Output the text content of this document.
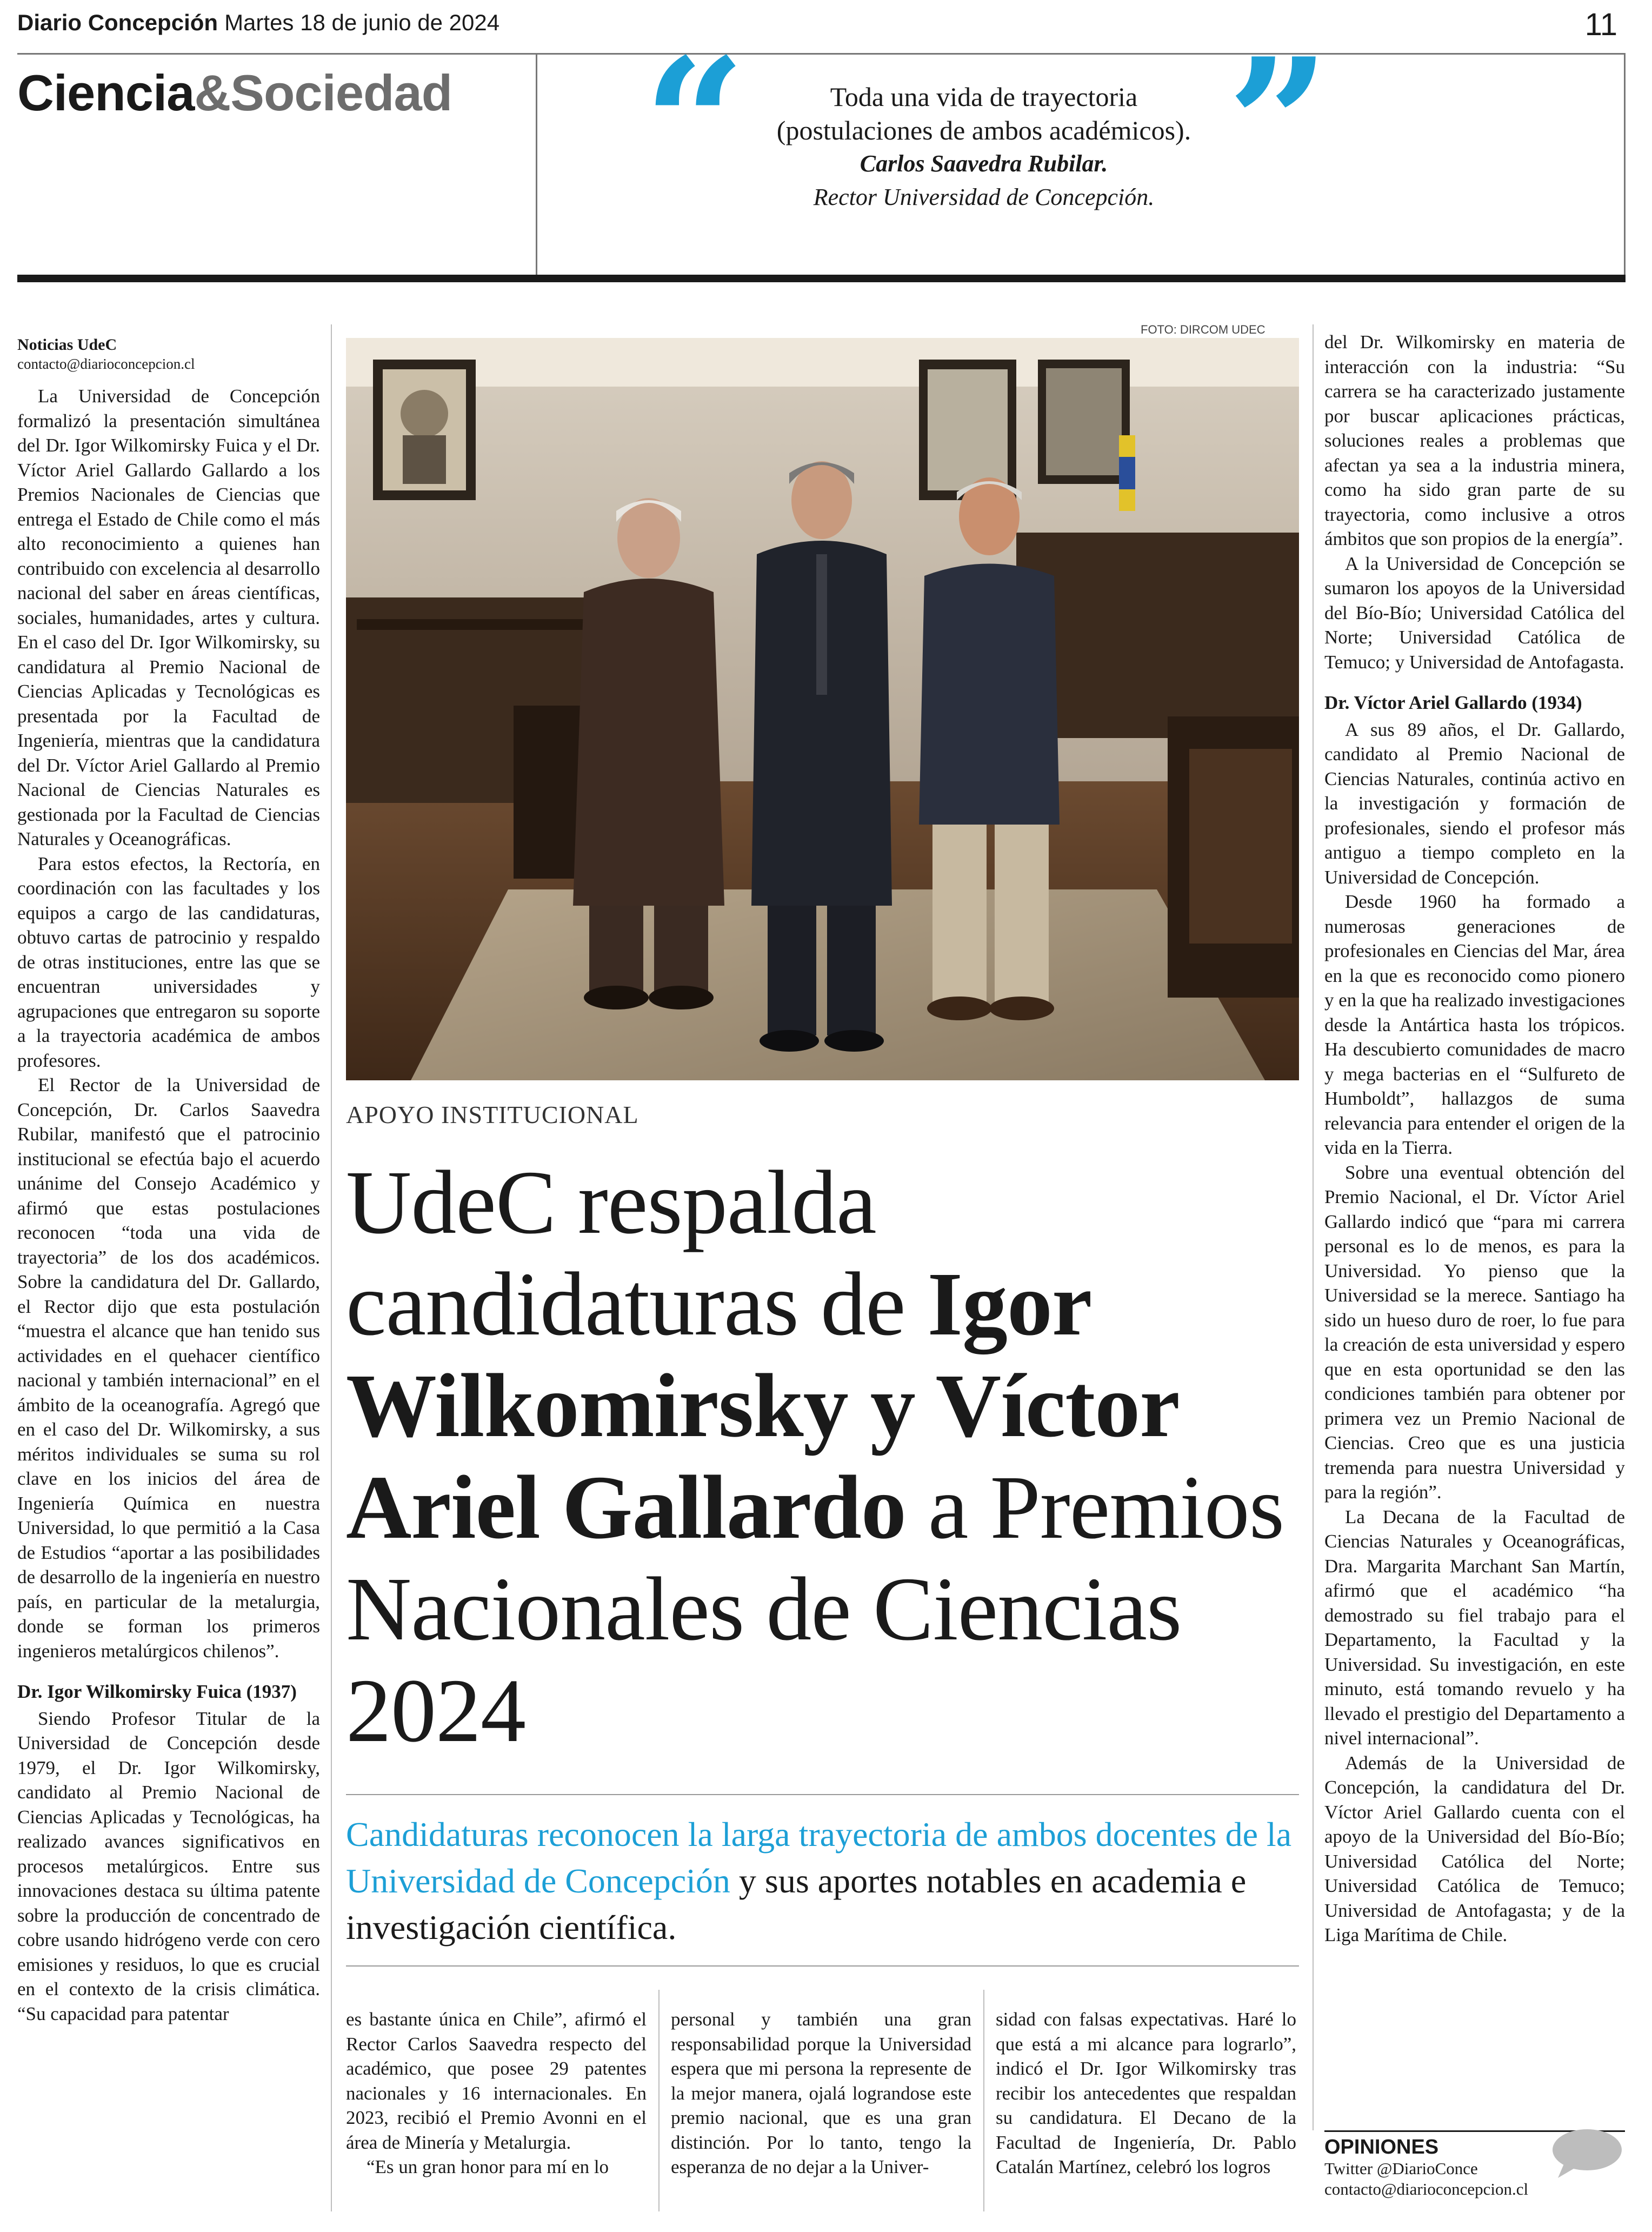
Diario Concepción Martes 18 de junio de 2024	11
Ciencia&Sociedad “	”
Toda una vida de trayectoria
(postulaciones de ambos académicos).
Carlos Saavedra Rubilar.
Rector Universidad de Concepción.
Noticias UdeC
contacto@diarioconcepcion.cl

La Universidad de Concepción formalizó la presentación simultánea del Dr. Igor Wilkomirsky Fuica y el Dr. Víctor Ariel Gallardo Gallardo a los Premios Nacionales de Ciencias que entrega el Estado de Chile como el más alto reconocimiento a quienes han contribuido con excelencia al desarrollo nacional del saber en áreas científicas, sociales, humanidades, artes y cultura. En el caso del Dr. Igor Wilkomirsky, su candidatura al Premio Nacional de Ciencias Aplicadas y Tecnológicas es presentada por la Facultad de Ingeniería, mientras que la candidatura del Dr. Víctor Ariel Gallardo al Premio Nacional de Ciencias Naturales es gestionada por la Facultad de Ciencias Naturales y Oceanográficas.

Para estos efectos, la Rectoría, en coordinación con las facultades y los equipos a cargo de las candidaturas, obtuvo cartas de patrocinio y respaldo de otras instituciones, entre las que se encuentran universidades y agrupaciones que entregaron su soporte a la trayectoria académica de ambos profesores.

El Rector de la Universidad de Concepción, Dr. Carlos Saavedra Rubilar, manifestó que el patrocinio institucional se efectúa bajo el acuerdo unánime del Consejo Académico y afirmó que estas postulaciones reconocen “toda una vida de trayectoria” de los dos académicos. Sobre la candidatura del Dr. Gallardo, el Rector dijo que esta postulación “muestra el alcance que han tenido sus actividades en el quehacer científico nacional y también internacional” en el ámbito de la oceanografía. Agregó que en el caso del Dr. Wilkomirsky, a sus méritos individuales se suma su rol clave en los inicios del área de Ingeniería Química en nuestra Universidad, lo que permitió a la Casa de Estudios “aportar a las posibilidades de desarrollo de la ingeniería en nuestro país, en particular de la metalurgia, donde se forman los primeros ingenieros metalúrgicos chilenos”.

Dr. Igor Wilkomirsky Fuica (1937)

Siendo Profesor Titular de la Universidad de Concepción desde 1979, el Dr. Igor Wilkomirsky, candidato al Premio Nacional de Ciencias Aplicadas y Tecnológicas, ha realizado avances significativos en procesos metalúrgicos. Entre sus innovaciones destaca su última patente sobre la producción de concentrado de cobre usando hidrógeno verde con cero emisiones y residuos, lo que es crucial en el contexto de la crisis climática. “Su capacidad para patentar

FOTO: DIRCOM UDEC
APOYO INSTITUCIONAL
UdeC respalda candidaturas de Igor Wilkomirsky y Víctor Ariel Gallardo a Premios Nacionales de Ciencias 2024
Candidaturas reconocen la larga trayectoria de ambos docentes de la Universidad de Concepción y sus aportes notables en academia e investigación científica.

es bastante única en Chile”, afirmó el Rector Carlos Saavedra respecto del académico, que posee 29 patentes nacionales y 16 internacionales. En 2023, recibió el Premio Avonni en el área de Minería y Metalurgia.

“Es un gran honor para mí en lo

personal y también una gran responsabilidad porque la Universidad espera que mi persona la represente de la mejor manera, ojalá lograndose este premio nacional, que es una gran distinción. Por lo tanto, tengo la esperanza de no dejar a la Univer-

sidad con falsas expectativas. Haré lo que está a mi alcance para lograrlo”, indicó el Dr. Igor Wilkomirsky tras recibir los antecedentes que respaldan su candidatura. El Decano de la Facultad de Ingeniería, Dr. Pablo Catalán Martínez, celebró los logros

del Dr. Wilkomirsky en materia de interacción con la industria: “Su carrera se ha caracterizado justamente por buscar aplicaciones prácticas, soluciones reales a problemas que afectan ya sea a la industria minera, como ha sido gran parte de su trayectoria, como inclusive a otros ámbitos que son propios de la energía”.

A la Universidad de Concepción se sumaron los apoyos de la Universidad del Bío-Bío; Universidad Católica del Norte; Universidad Católica de Temuco; y Universidad de Antofagasta.

Dr. Víctor Ariel Gallardo (1934)

A sus 89 años, el Dr. Gallardo, candidato al Premio Nacional de Ciencias Naturales, continúa activo en la investigación y formación de profesionales, siendo el profesor más antiguo a tiempo completo en la Universidad de Concepción.

Desde 1960 ha formado a numerosas generaciones de profesionales en Ciencias del Mar, área en la que es reconocido como pionero y en la que ha realizado investigaciones desde la Antártica hasta los trópicos. Ha descubierto comunidades de macro y mega bacterias en el “Sulfureto de Humboldt”, hallazgos de suma relevancia para entender el origen de la vida en la Tierra.

Sobre una eventual obtención del Premio Nacional, el Dr. Víctor Ariel Gallardo indicó que “para mi carrera personal es lo de menos, es para la Universidad. Yo pienso que la Universidad se la merece. Santiago ha sido un hueso duro de roer, lo fue para la creación de esta universidad y espero que en esta oportunidad se den las condiciones también para obtener por primera vez un Premio Nacional de Ciencias. Creo que es una justicia tremenda para nuestra Universidad y para la región”.

La Decana de la Facultad de Ciencias Naturales y Oceanográficas, Dra. Margarita Marchant San Martín, afirmó que el académico “ha demostrado su fiel trabajo para el Departamento, la Facultad y la Universidad. Su investigación, en este minuto, está tomando revuelo y ha llevado el prestigio del Departamento a nivel internacional”.

Además de la Universidad de Concepción, la candidatura del Dr. Víctor Ariel Gallardo cuenta con el apoyo de la Universidad del Bío-Bío; Universidad Católica del Norte; Universidad Católica de Temuco; Universidad de Antofagasta; y de la Liga Marítima de Chile.

OPINIONES
Twitter @DiarioConce
contacto@diarioconcepcion.cl
